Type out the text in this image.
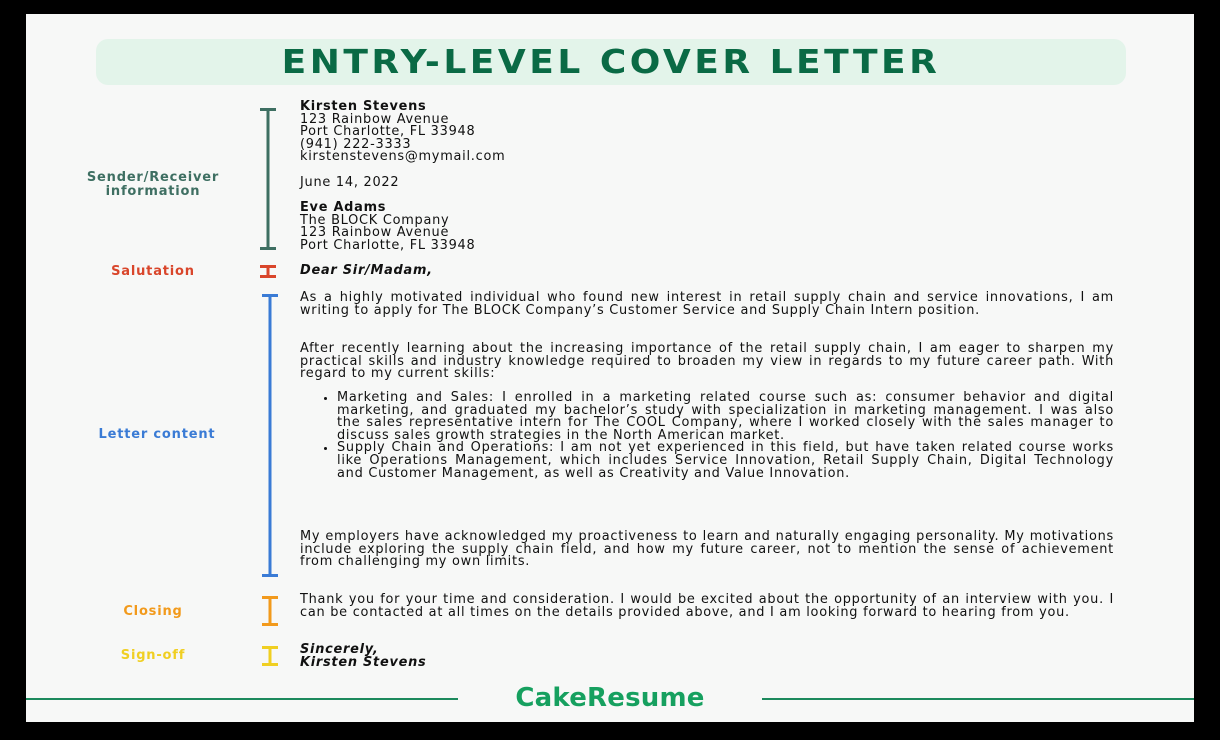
ENTRY-LEVEL COVER LETTER
Sender/Receiver
information
Salutation
Letter content
Closing
Sign-off

Kirsten Stevens

123 Rainbow Avenue

Port Charlotte, FL 33948

(941) 222-3333

kirstenstevens@mymail.com

June 14, 2022

Eve Adams

The BLOCK Company

123 Rainbow Avenue

Port Charlotte, FL 33948

Dear Sir/Madam,
As a highly motivated individual who found new interest in retail supply chain and service innovations, I am writing to apply for The BLOCK Company’s Customer Service and Supply Chain Intern position.
After recently learning about the increasing importance of the retail supply chain, I am eager to sharpen my practical skills and industry knowledge required to broaden my view in regards to my future career path. With regard to my current skills:
• Marketing and Sales: I enrolled in a marketing related course such as: consumer behavior and digital marketing, and graduated my bachelor’s study with specialization in marketing management. I was also the sales representative intern for The COOL Company, where I worked closely with the sales manager to discuss sales growth strategies in the North American market.
• Supply Chain and Operations: I am not yet experienced in this field, but have taken related course works like Operations Management, which includes Service Innovation, Retail Supply Chain, Digital Technology and Customer Management, as well as Creativity and Value Innovation.
My employers have acknowledged my proactiveness to learn and naturally engaging personality. My motivations include exploring the supply chain field, and how my future career, not to mention the sense of achievement from challenging my own limits.
Thank you for your time and consideration. I would be excited about the opportunity of an interview with you. I can be contacted at all times on the details provided above, and I am looking forward to hearing from you.

Sincerely,

Kirsten Stevens

CakeResume
